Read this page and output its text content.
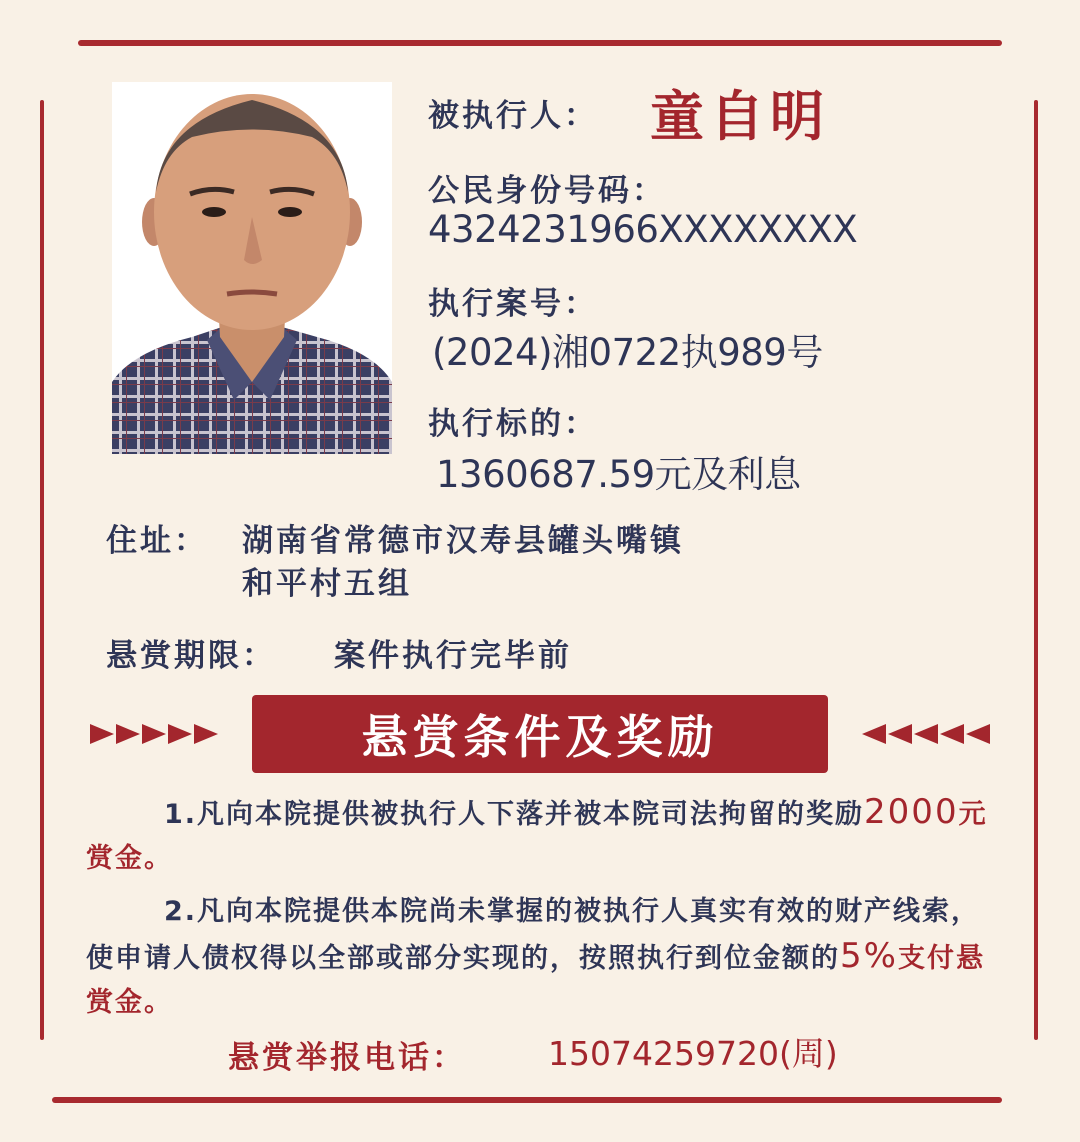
被执行人： 童自明
公民身份号码：
4324231966XXXXXXXX
执行案号：
(2024)湘0722执989号
执行标的：
1360687.59元及利息
住址： 湖南省常德市汉寿县罐头嘴镇
和平村五组
悬赏期限： 案件执行完毕前
悬赏条件及奖励
1.凡向本院提供被执行人下落并被本院司法拘留的奖励2000元赏金。
2.凡向本院提供本院尚未掌握的被执行人真实有效的财产线索，使申请人债权得以全部或部分实现的，按照执行到位金额的5%支付悬赏金。
悬赏举报电话： 15074259720(周)
